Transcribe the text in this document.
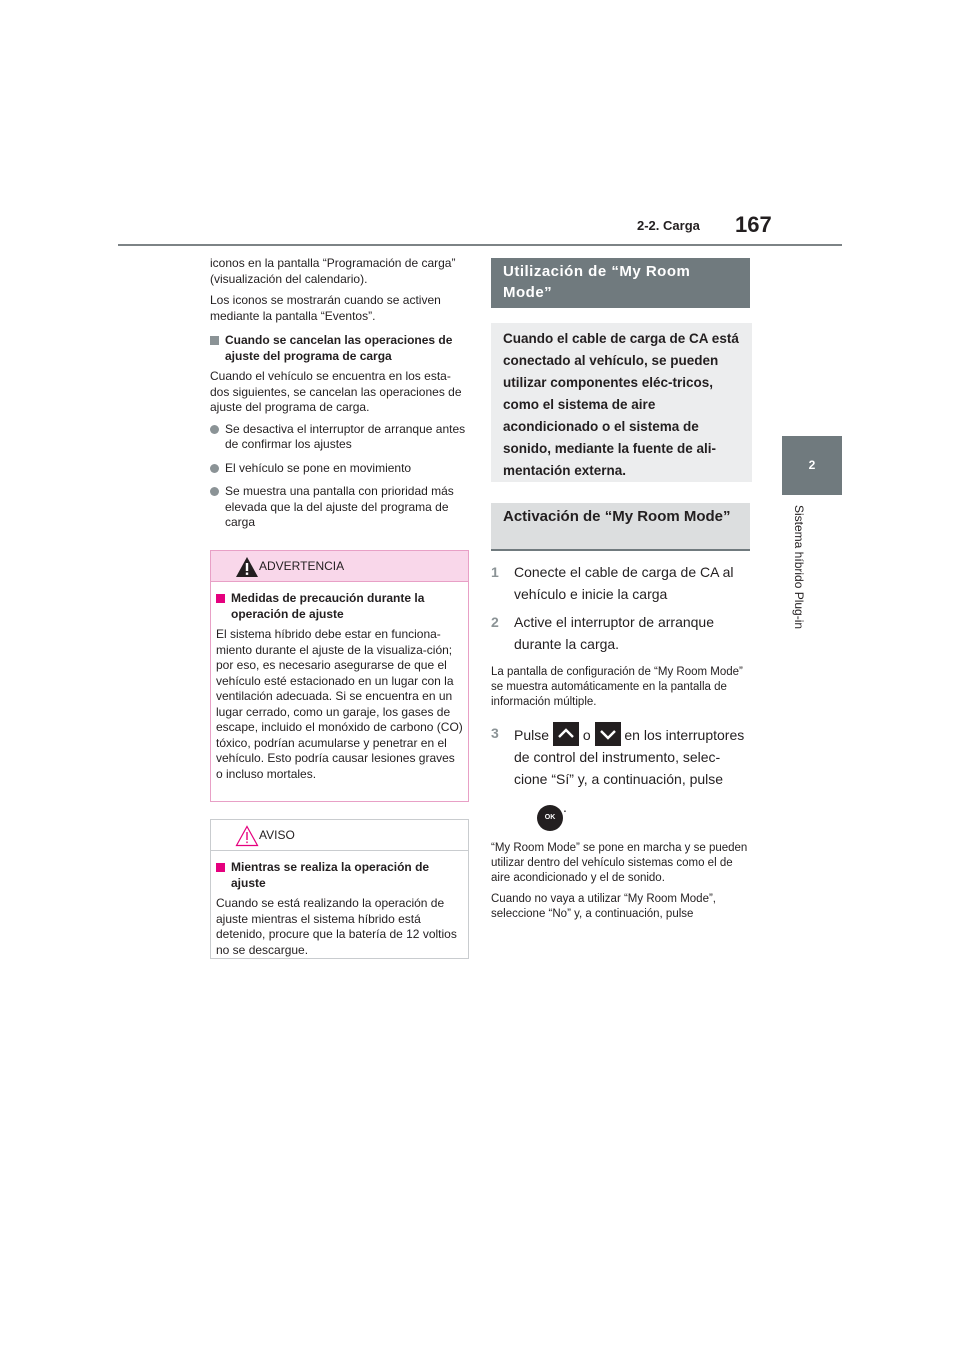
2-2. Carga 167
2
Sistema híbrido Plug-in

iconos en la pantalla “Programación de carga” (visualización del calendario).

Los iconos se mostrarán cuando se activen mediante la pantalla “Eventos”.

Cuando se cancelan las operaciones de ajuste del programa de carga

Cuando el vehículo se encuentra en los esta-dos siguientes, se cancelan las operaciones de ajuste del programa de carga.

Se desactiva el interruptor de arranque antes de confirmar los ajustes
El vehículo se pone en movimiento
Se muestra una pantalla con prioridad más elevada que la del ajuste del programa de carga
ADVERTENCIA
Medidas de precaución durante la operación de ajuste

El sistema híbrido debe estar en funciona-miento durante el ajuste de la visualiza-ción; por eso, es necesario asegurarse de que el vehículo esté estacionado en un lugar con la ventilación adecuada. Si se encuentra en un lugar cerrado, como un garaje, los gases de escape, incluido el monóxido de carbono (CO) tóxico, podrían acumularse y penetrar en el vehículo. Esto podría causar lesiones graves o incluso mortales.

AVISO
Mientras se realiza la operación de ajuste

Cuando se está realizando la operación de ajuste mientras el sistema híbrido está detenido, procure que la batería de 12 voltios no se descargue.

Utilización de “My Room Mode”
Cuando el cable de carga de CA está conectado al vehículo, se pueden utilizar componentes eléc-tricos, como el sistema de aire acondicionado o el sistema de sonido, mediante la fuente de ali-mentación externa.
Activación de “My Room Mode”
1 Conecte el cable de carga de CA al vehículo e inicie la carga
2 Active el interruptor de arranque durante la carga.

La pantalla de configuración de “My Room Mode” se muestra automáticamente en la pantalla de información múltiple.

3 Pulse o en los interruptores de control del instrumento, selec-cione “Sí” y, a continuación, pulse
OK.

“My Room Mode” se pone en marcha y se pueden utilizar dentro del vehículo sistemas como el de aire acondicionado y el de sonido.

Cuando no vaya a utilizar “My Room Mode”, seleccione “No” y, a continuación, pulse
